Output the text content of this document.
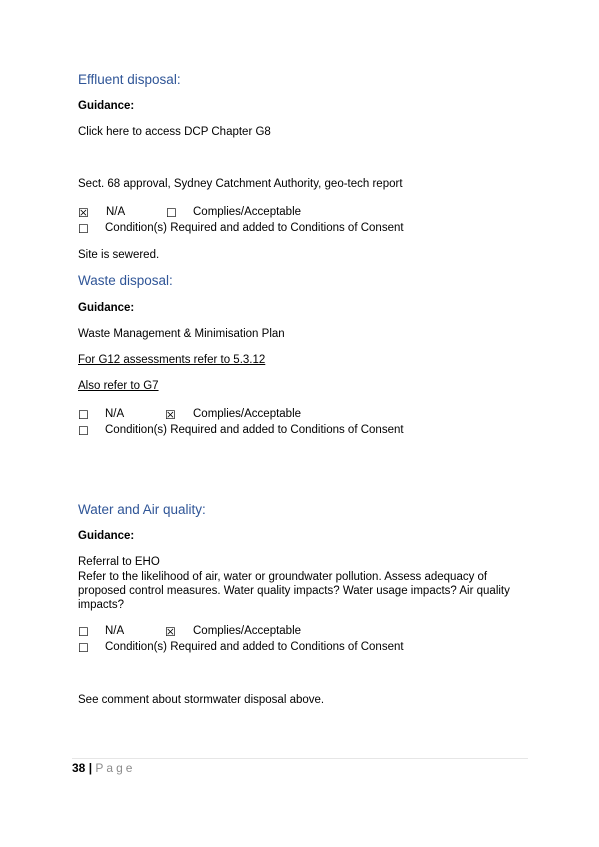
Effluent disposal:
Guidance:
Click here to access DCP Chapter G8
Sect. 68 approval, Sydney Catchment Authority, geo-tech report
☒ N/A	☐ Complies/Acceptable
☐ Condition(s) Required and added to Conditions of Consent
Site is sewered.
Waste disposal:
Guidance:
Waste Management & Minimisation Plan
For G12 assessments refer to 5.3.12
Also refer to G7
☐ N/A	☒ Complies/Acceptable
☐ Condition(s) Required and added to Conditions of Consent
Water and Air quality:
Guidance:
Referral to EHO
Refer to the likelihood of air, water or groundwater pollution. Assess adequacy of proposed control measures. Water quality impacts? Water usage impacts? Air quality impacts?
☐ N/A	☒ Complies/Acceptable
☐ Condition(s) Required and added to Conditions of Consent
See comment about stormwater disposal above.
38 | Page
